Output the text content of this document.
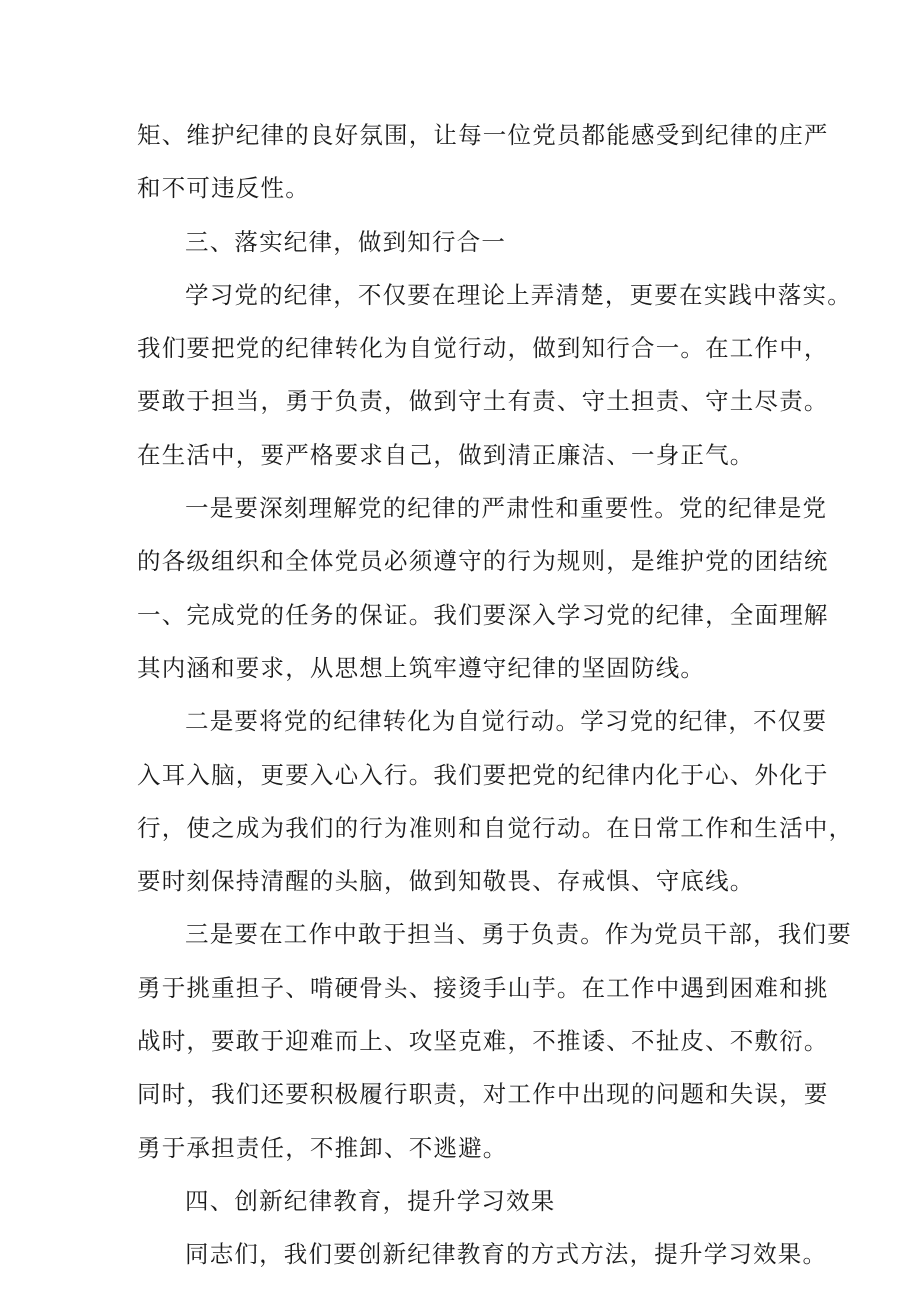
矩、维护纪律的良好氛围，让每一位党员都能感受到纪律的庄严
和不可违反性。
三、落实纪律，做到知行合一
学习党的纪律，不仅要在理论上弄清楚，更要在实践中落实。
我们要把党的纪律转化为自觉行动，做到知行合一。在工作中，
要敢于担当，勇于负责，做到守土有责、守土担责、守土尽责。
在生活中，要严格要求自己，做到清正廉洁、一身正气。
一是要深刻理解党的纪律的严肃性和重要性。党的纪律是党
的各级组织和全体党员必须遵守的行为规则，是维护党的团结统
一、完成党的任务的保证。我们要深入学习党的纪律，全面理解
其内涵和要求，从思想上筑牢遵守纪律的坚固防线。
二是要将党的纪律转化为自觉行动。学习党的纪律，不仅要
入耳入脑，更要入心入行。我们要把党的纪律内化于心、外化于
行，使之成为我们的行为准则和自觉行动。在日常工作和生活中，
要时刻保持清醒的头脑，做到知敬畏、存戒惧、守底线。
三是要在工作中敢于担当、勇于负责。作为党员干部，我们要
勇于挑重担子、啃硬骨头、接烫手山芋。在工作中遇到困难和挑
战时，要敢于迎难而上、攻坚克难，不推诿、不扯皮、不敷衍。
同时，我们还要积极履行职责，对工作中出现的问题和失误，要
勇于承担责任，不推卸、不逃避。
四、创新纪律教育，提升学习效果
同志们，我们要创新纪律教育的方式方法，提升学习效果。
